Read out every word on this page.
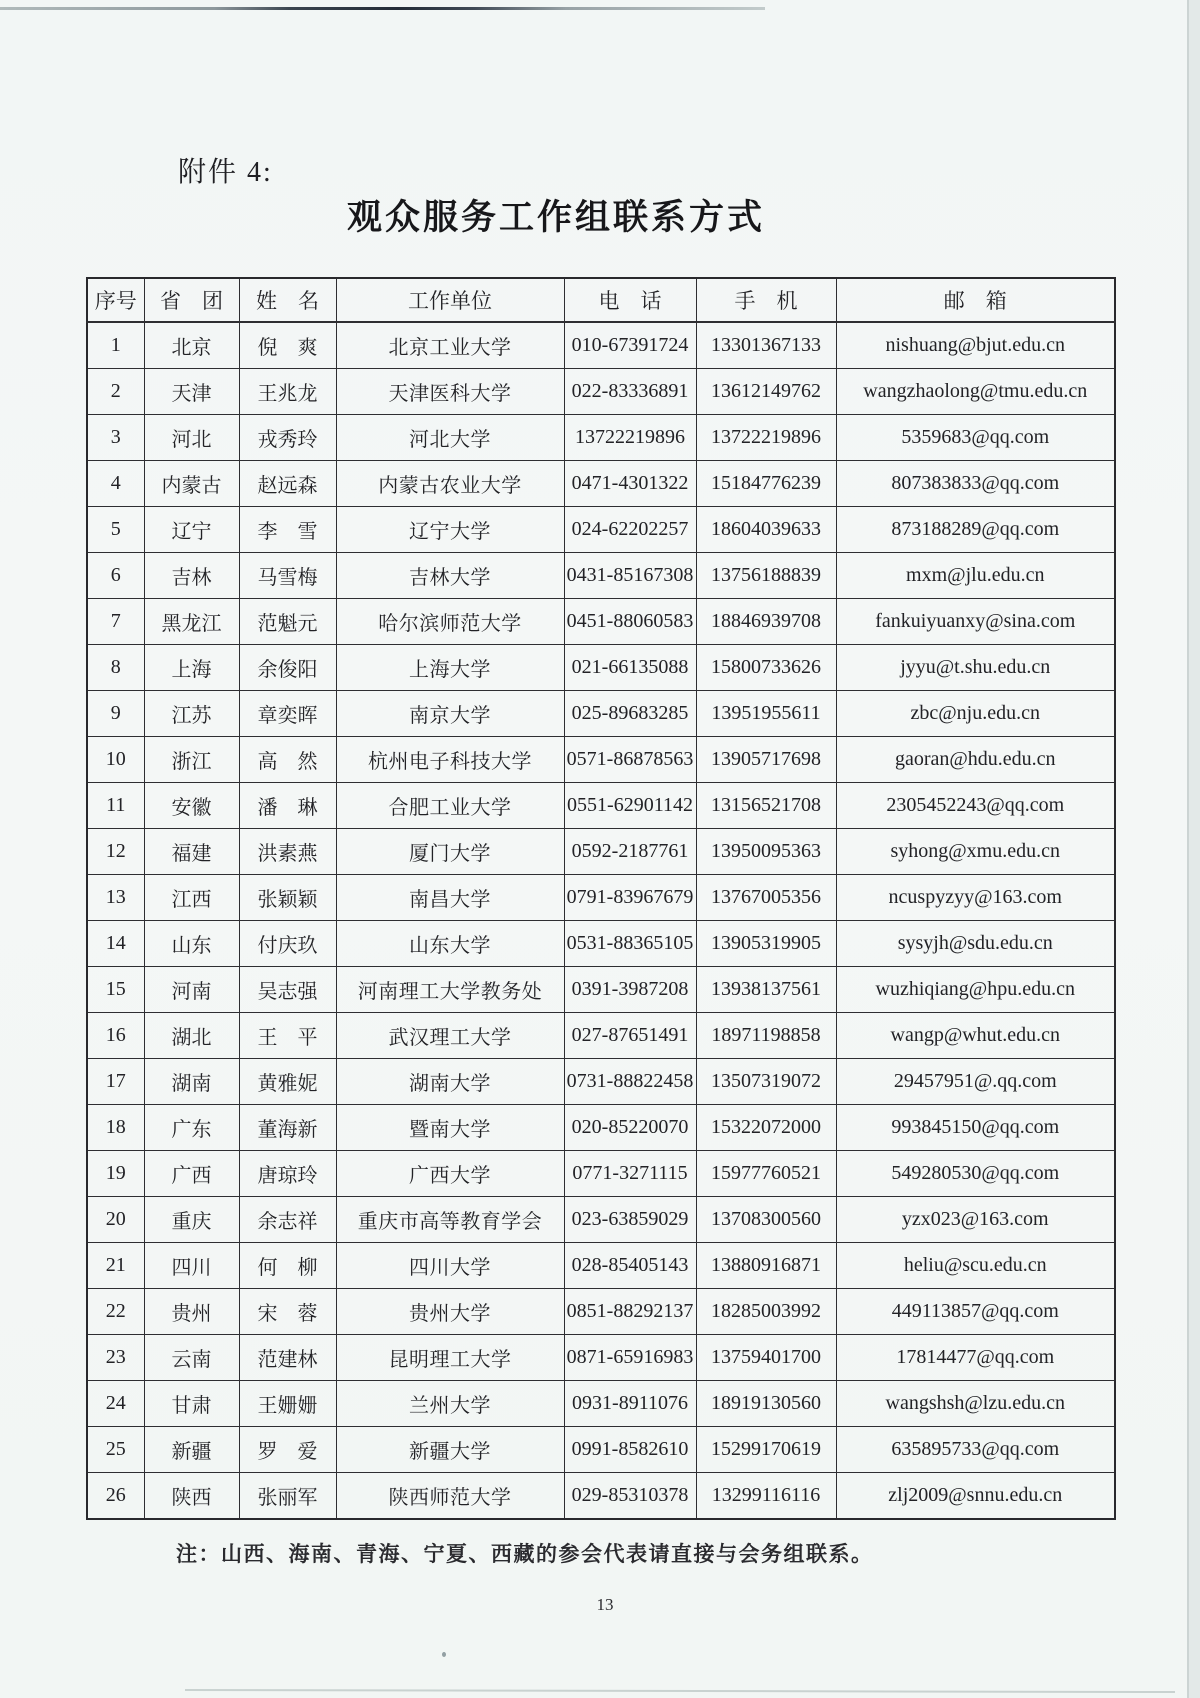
附件 4:
观众服务工作组联系方式
序号	省　团	姓　名	工作单位	电　话	手　机	邮　箱
1	北京	倪　爽	北京工业大学	010-67391724	13301367133	nishuang@bjut.edu.cn
2	天津	王兆龙	天津医科大学	022-83336891	13612149762	wangzhaolong@tmu.edu.cn
3	河北	戎秀玲	河北大学	13722219896	13722219896	5359683@qq.com
4	内蒙古	赵远森	内蒙古农业大学	0471-4301322	15184776239	807383833@qq.com
5	辽宁	李　雪	辽宁大学	024-62202257	18604039633	873188289@qq.com
6	吉林	马雪梅	吉林大学	0431-85167308	13756188839	mxm@jlu.edu.cn
7	黑龙江	范魁元	哈尔滨师范大学	0451-88060583	18846939708	fankuiyuanxy@sina.com
8	上海	余俊阳	上海大学	021-66135088	15800733626	jyyu@t.shu.edu.cn
9	江苏	章奕晖	南京大学	025-89683285	13951955611	zbc@nju.edu.cn
10	浙江	高　然	杭州电子科技大学	0571-86878563	13905717698	gaoran@hdu.edu.cn
11	安徽	潘　琳	合肥工业大学	0551-62901142	13156521708	2305452243@qq.com
12	福建	洪素燕	厦门大学	0592-2187761	13950095363	syhong@xmu.edu.cn
13	江西	张颖颖	南昌大学	0791-83967679	13767005356	ncuspyzyy@163.com
14	山东	付庆玖	山东大学	0531-88365105	13905319905	sysyjh@sdu.edu.cn
15	河南	吴志强	河南理工大学教务处	0391-3987208	13938137561	wuzhiqiang@hpu.edu.cn
16	湖北	王　平	武汉理工大学	027-87651491	18971198858	wangp@whut.edu.cn
17	湖南	黄雅妮	湖南大学	0731-88822458	13507319072	29457951@.qq.com
18	广东	董海新	暨南大学	020-85220070	15322072000	993845150@qq.com
19	广西	唐琼玲	广西大学	0771-3271115	15977760521	549280530@qq.com
20	重庆	余志祥	重庆市高等教育学会	023-63859029	13708300560	yzx023@163.com
21	四川	何　柳	四川大学	028-85405143	13880916871	heliu@scu.edu.cn
22	贵州	宋　蓉	贵州大学	0851-88292137	18285003992	449113857@qq.com
23	云南	范建林	昆明理工大学	0871-65916983	13759401700	17814477@qq.com
24	甘肃	王姗姗	兰州大学	0931-8911076	18919130560	wangshsh@lzu.edu.cn
25	新疆	罗　爱	新疆大学	0991-8582610	15299170619	635895733@qq.com
26	陕西	张丽军	陕西师范大学	029-85310378	13299116116	zlj2009@snnu.edu.cn
注：山西、海南、青海、宁夏、西藏的参会代表请直接与会务组联系。
13
